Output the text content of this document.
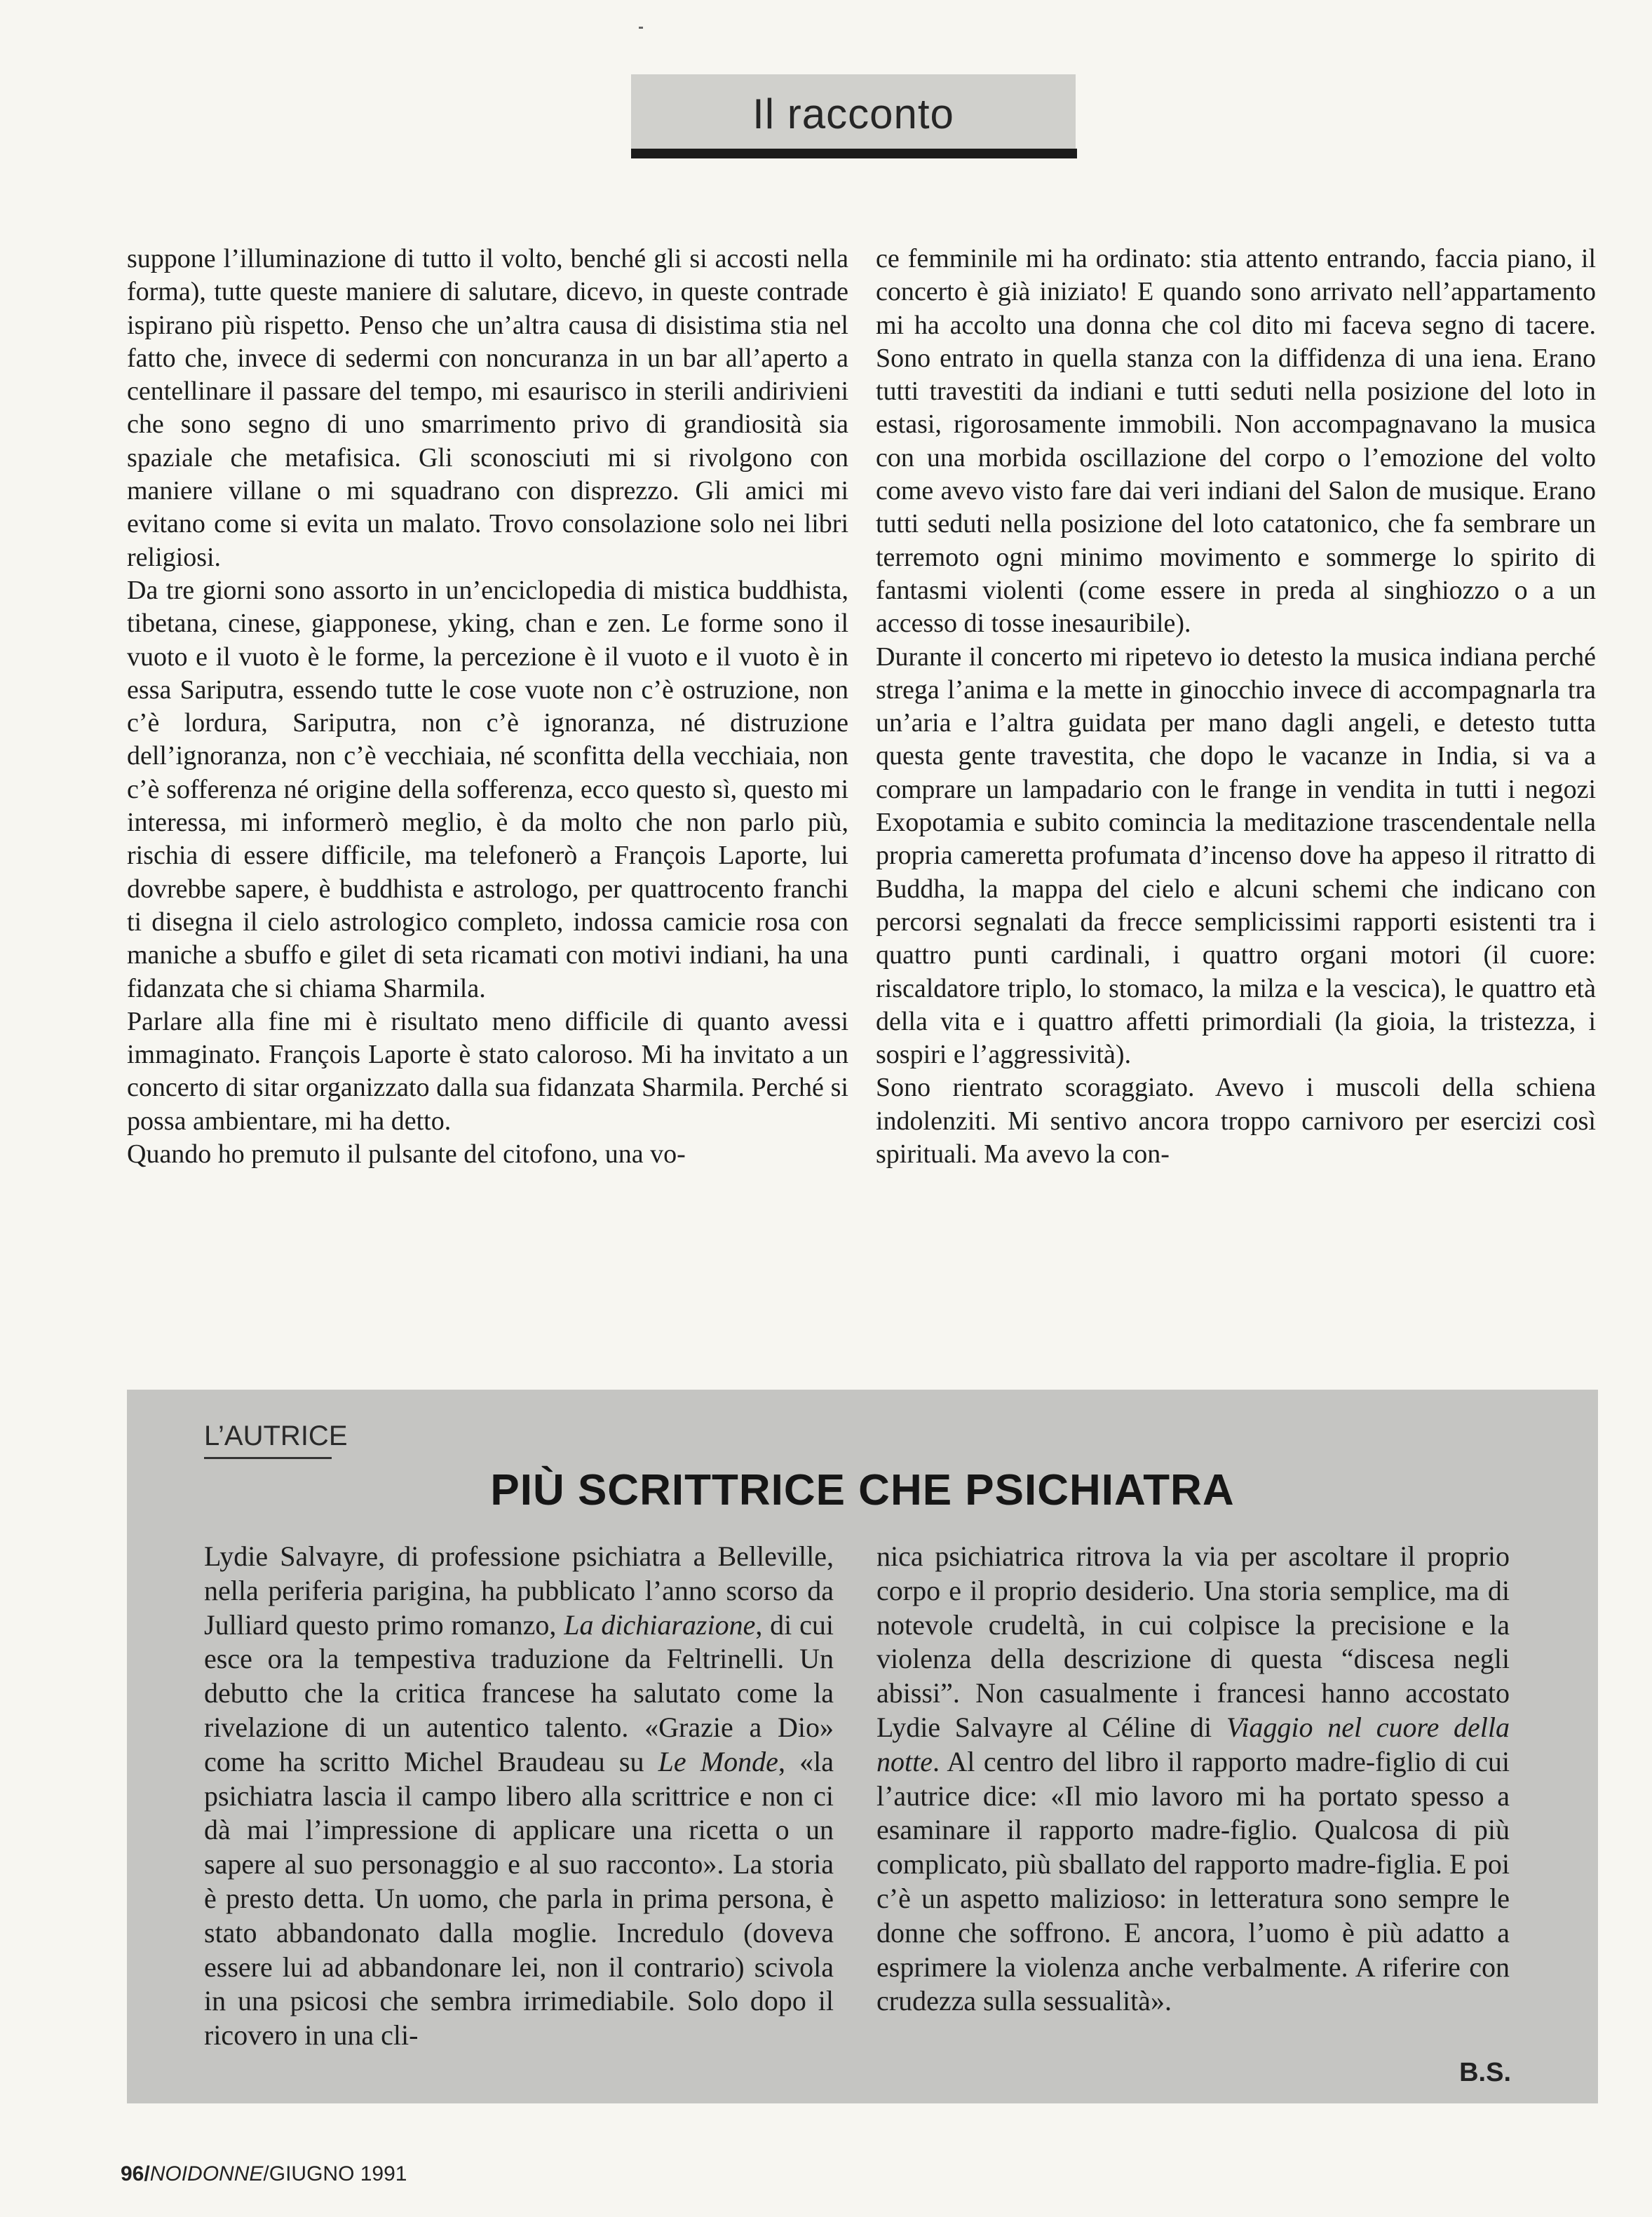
Il racconto

suppone l’illuminazione di tutto il volto, benché gli si accosti nella forma), tutte queste maniere di salutare, dicevo, in queste contrade ispirano più rispetto. Penso che un’altra causa di disistima stia nel fatto che, invece di sedermi con noncuranza in un bar all’aperto a centellinare il passare del tempo, mi esaurisco in sterili andirivieni che sono segno di uno smarrimento privo di grandiosità sia spaziale che metafisica. Gli sconosciuti mi si rivolgono con maniere villane o mi squadrano con disprezzo. Gli amici mi evitano come si evita un malato. Trovo consolazione solo nei libri religiosi.

Da tre giorni sono assorto in un’enciclopedia di mistica buddhista, tibetana, cinese, giapponese, yking, chan e zen. Le forme sono il vuoto e il vuoto è le forme, la percezione è il vuoto e il vuoto è in essa Sariputra, essendo tutte le cose vuote non c’è ostruzione, non c’è lordura, Sariputra, non c’è ignoranza, né distruzione dell’ignoranza, non c’è vecchiaia, né sconfitta della vecchiaia, non c’è sofferenza né origine della sofferenza, ecco questo sì, questo mi interessa, mi informerò meglio, è da molto che non parlo più, rischia di essere difficile, ma telefonerò a François Laporte, lui dovrebbe sapere, è buddhista e astrologo, per quattrocento franchi ti disegna il cielo astrologico completo, indossa camicie rosa con maniche a sbuffo e gilet di seta ricamati con motivi indiani, ha una fidanzata che si chiama Sharmila.

Parlare alla fine mi è risultato meno difficile di quanto avessi immaginato. François Laporte è stato caloroso. Mi ha invitato a un concerto di sitar organizzato dalla sua fidanzata Sharmila. Perché si possa ambientare, mi ha detto.

Quando ho premuto il pulsante del citofono, una vo-

ce femminile mi ha ordinato: stia attento entrando, faccia piano, il concerto è già iniziato! E quando sono arrivato nell’appartamento mi ha accolto una donna che col dito mi faceva segno di tacere. Sono entrato in quella stanza con la diffidenza di una iena. Erano tutti travestiti da indiani e tutti seduti nella posizione del loto in estasi, rigorosamente immobili. Non accompagnavano la musica con una morbida oscillazione del corpo o l’emozione del volto come avevo visto fare dai veri indiani del Salon de musique. Erano tutti seduti nella posizione del loto catatonico, che fa sembrare un terremoto ogni minimo movimento e sommerge lo spirito di fantasmi violenti (come essere in preda al singhiozzo o a un accesso di tosse inesauribile).

Durante il concerto mi ripetevo io detesto la musica indiana perché strega l’anima e la mette in ginocchio invece di accompagnarla tra un’aria e l’altra guidata per mano dagli angeli, e detesto tutta questa gente travestita, che dopo le vacanze in India, si va a comprare un lampadario con le frange in vendita in tutti i negozi Exopotamia e subito comincia la meditazione trascendentale nella propria cameretta profumata d’incenso dove ha appeso il ritratto di Buddha, la mappa del cielo e alcuni schemi che indicano con percorsi segnalati da frecce semplicissimi rapporti esistenti tra i quattro punti cardinali, i quattro organi motori (il cuore: riscaldatore triplo, lo stomaco, la milza e la vescica), le quattro età della vita e i quattro affetti primordiali (la gioia, la tristezza, i sospiri e l’aggressività).

Sono rientrato scoraggiato. Avevo i muscoli della schiena indolenziti. Mi sentivo ancora troppo carnivoro per esercizi così spirituali. Ma avevo la con-

L’AUTRICE
PIÙ SCRITTRICE CHE PSICHIATRA

Lydie Salvayre, di professione psichiatra a Belleville, nella periferia parigina, ha pubblicato l’anno scorso da Julliard questo primo romanzo, La dichiarazione, di cui esce ora la tempestiva traduzione da Feltrinelli. Un debutto che la critica francese ha salutato come la rivelazione di un autentico talento. «Grazie a Dio» come ha scritto Michel Braudeau su Le Monde, «la psichiatra lascia il campo libero alla scrittrice e non ci dà mai l’impressione di applicare una ricetta o un sapere al suo personaggio e al suo racconto». La storia è presto detta. Un uomo, che parla in prima persona, è stato abbandonato dalla moglie. Incredulo (doveva essere lui ad abbandonare lei, non il contrario) scivola in una psicosi che sembra irrimediabile. Solo dopo il ricovero in una cli-

nica psichiatrica ritrova la via per ascoltare il proprio corpo e il proprio desiderio. Una storia semplice, ma di notevole crudeltà, in cui colpisce la precisione e la violenza della descrizione di questa “discesa negli abissi”. Non casualmente i francesi hanno accostato Lydie Salvayre al Céline di Viaggio nel cuore della notte. Al centro del libro il rapporto madre-figlio di cui l’autrice dice: «Il mio lavoro mi ha portato spesso a esaminare il rapporto madre-figlio. Qualcosa di più complicato, più sballato del rapporto madre-figlia. E poi c’è un aspetto malizioso: in letteratura sono sempre le donne che soffrono. E ancora, l’uomo è più adatto a esprimere la violenza anche verbalmente. A riferire con crudezza sulla sessualità».

B.S.
96/NOIDONNE/GIUGNO 1991
